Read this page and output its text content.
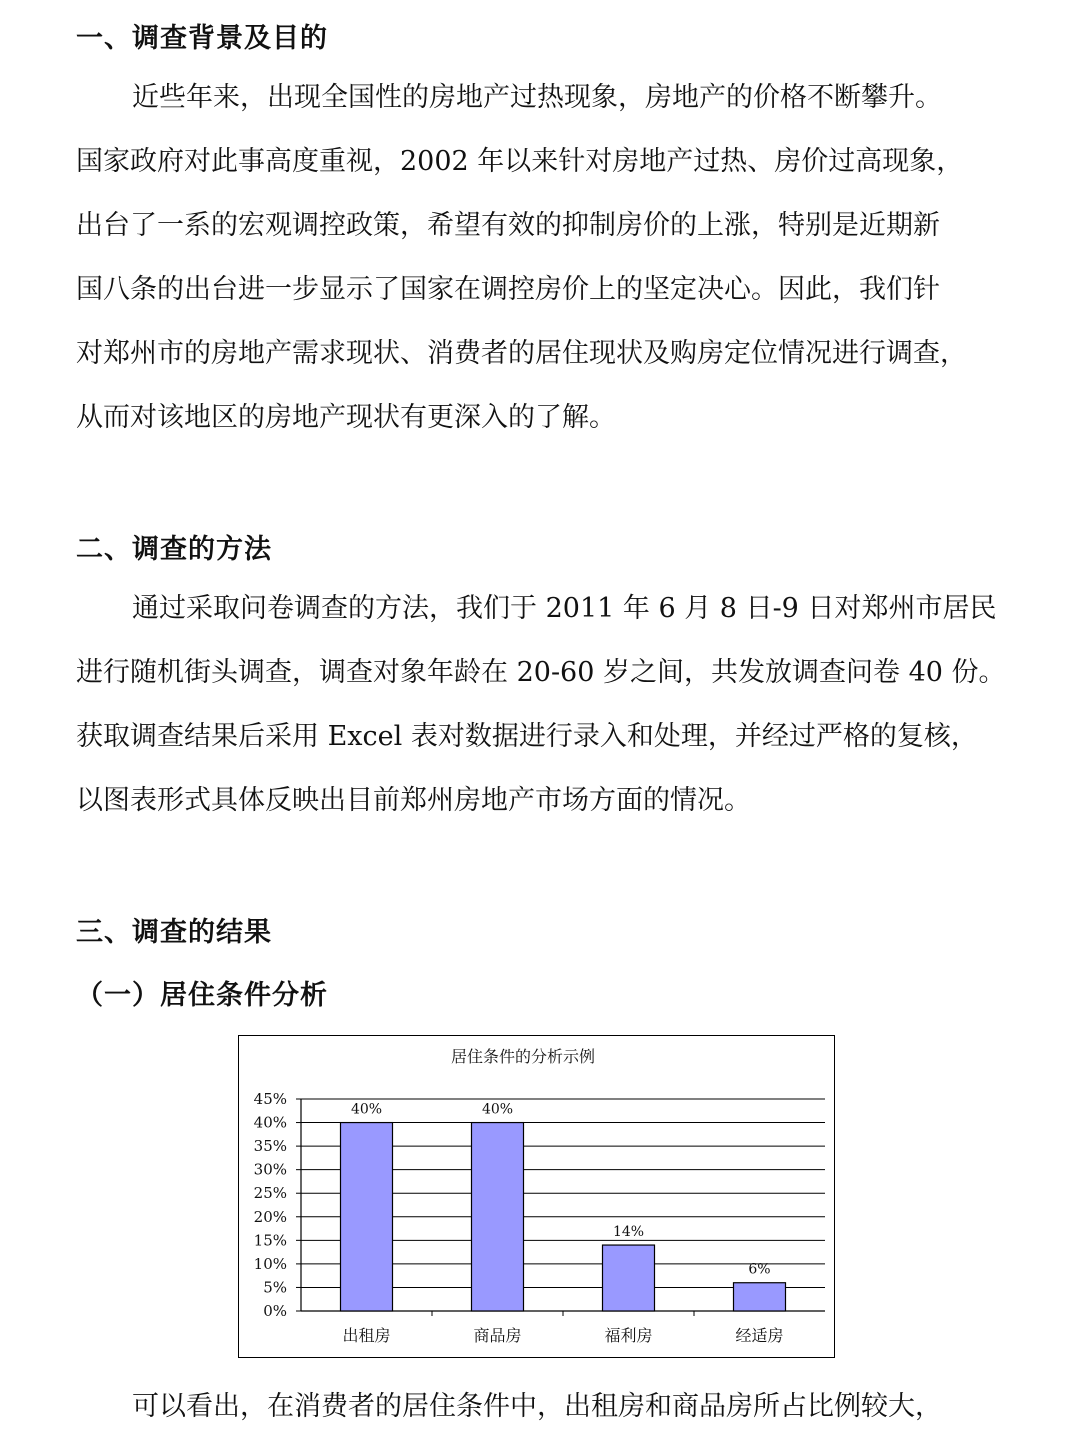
一、调查背景及目的
近些年来，出现全国性的房地产过热现象，房地产的价格不断攀升。
国家政府对此事高度重视，2002 年以来针对房地产过热、房价过高现象，
出台了一系的宏观调控政策，希望有效的抑制房价的上涨，特别是近期新
国八条的出台进一步显示了国家在调控房价上的坚定决心。因此，我们针
对郑州市的房地产需求现状、消费者的居住现状及购房定位情况进行调查，
从而对该地区的房地产现状有更深入的了解。
二、调查的方法
通过采取问卷调查的方法，我们于 2011 年 6 月 8 日-9 日对郑州市居民
进行随机街头调查，调查对象年龄在 20-60 岁之间，共发放调查问卷 40 份。
获取调查结果后采用 Excel 表对数据进行录入和处理，并经过严格的复核，
以图表形式具体反映出目前郑州房地产市场方面的情况。
三、调查的结果
（一）居住条件分析
居住条件的分析示例
0%
5%
10%
15%
20%
25%
30%
35%
40%
45%
40%
出租房
40%
商品房
14%
福利房
6%
经适房
可以看出，在消费者的居住条件中，出租房和商品房所占比例较大，
